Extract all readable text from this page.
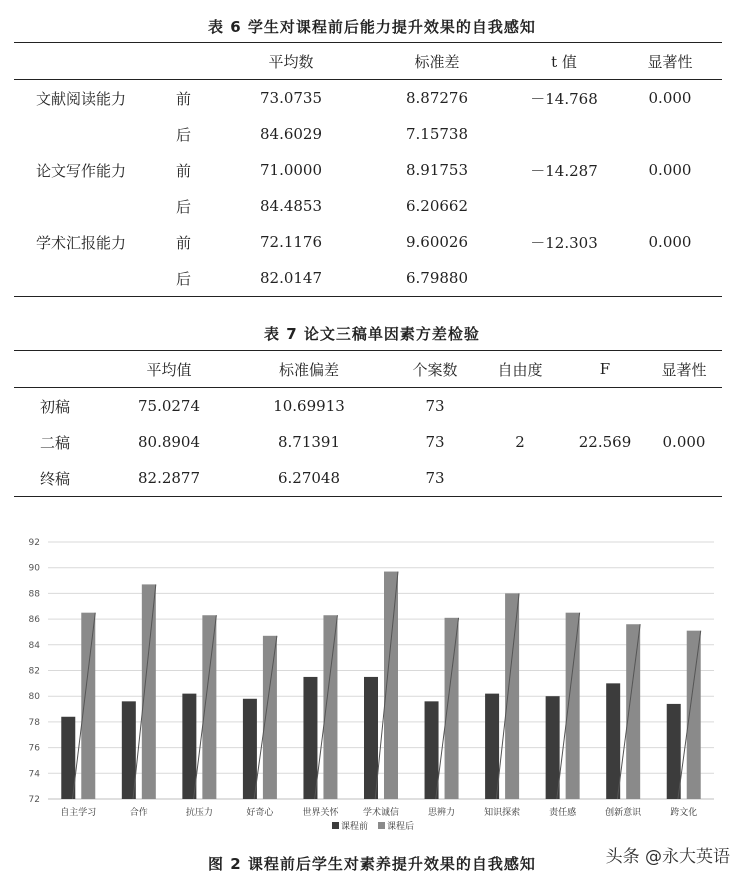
表 6 学生对课程前后能力提升效果的自我感知
		平均数	标准差	t 值	显著性
文献阅读能力	前	73.0735	8.87276	－14.768	0.000
	后	84.6029	7.15738		
论文写作能力	前	71.0000	8.91753	－14.287	0.000
	后	84.4853	6.20662		
学术汇报能力	前	72.1176	9.60026	－12.303	0.000
	后	82.0147	6.79880		
表 7 论文三稿单因素方差检验
	平均值	标准偏差	个案数	自由度	F	显著性
初稿	75.0274	10.69913	73			
二稿	80.8904	8.71391	73	2	22.569	0.000
终稿	82.2877	6.27048	73			
72
74
76
78
80
82
84
86
88
90
92
自主学习	合作	抗压力	好奇心	世界关怀	学术诚信	思辨力	知识探索	责任感	创新意识	跨文化
课程前 课程后
图 2 课程前后学生对素养提升效果的自我感知	头条 @永大英语
